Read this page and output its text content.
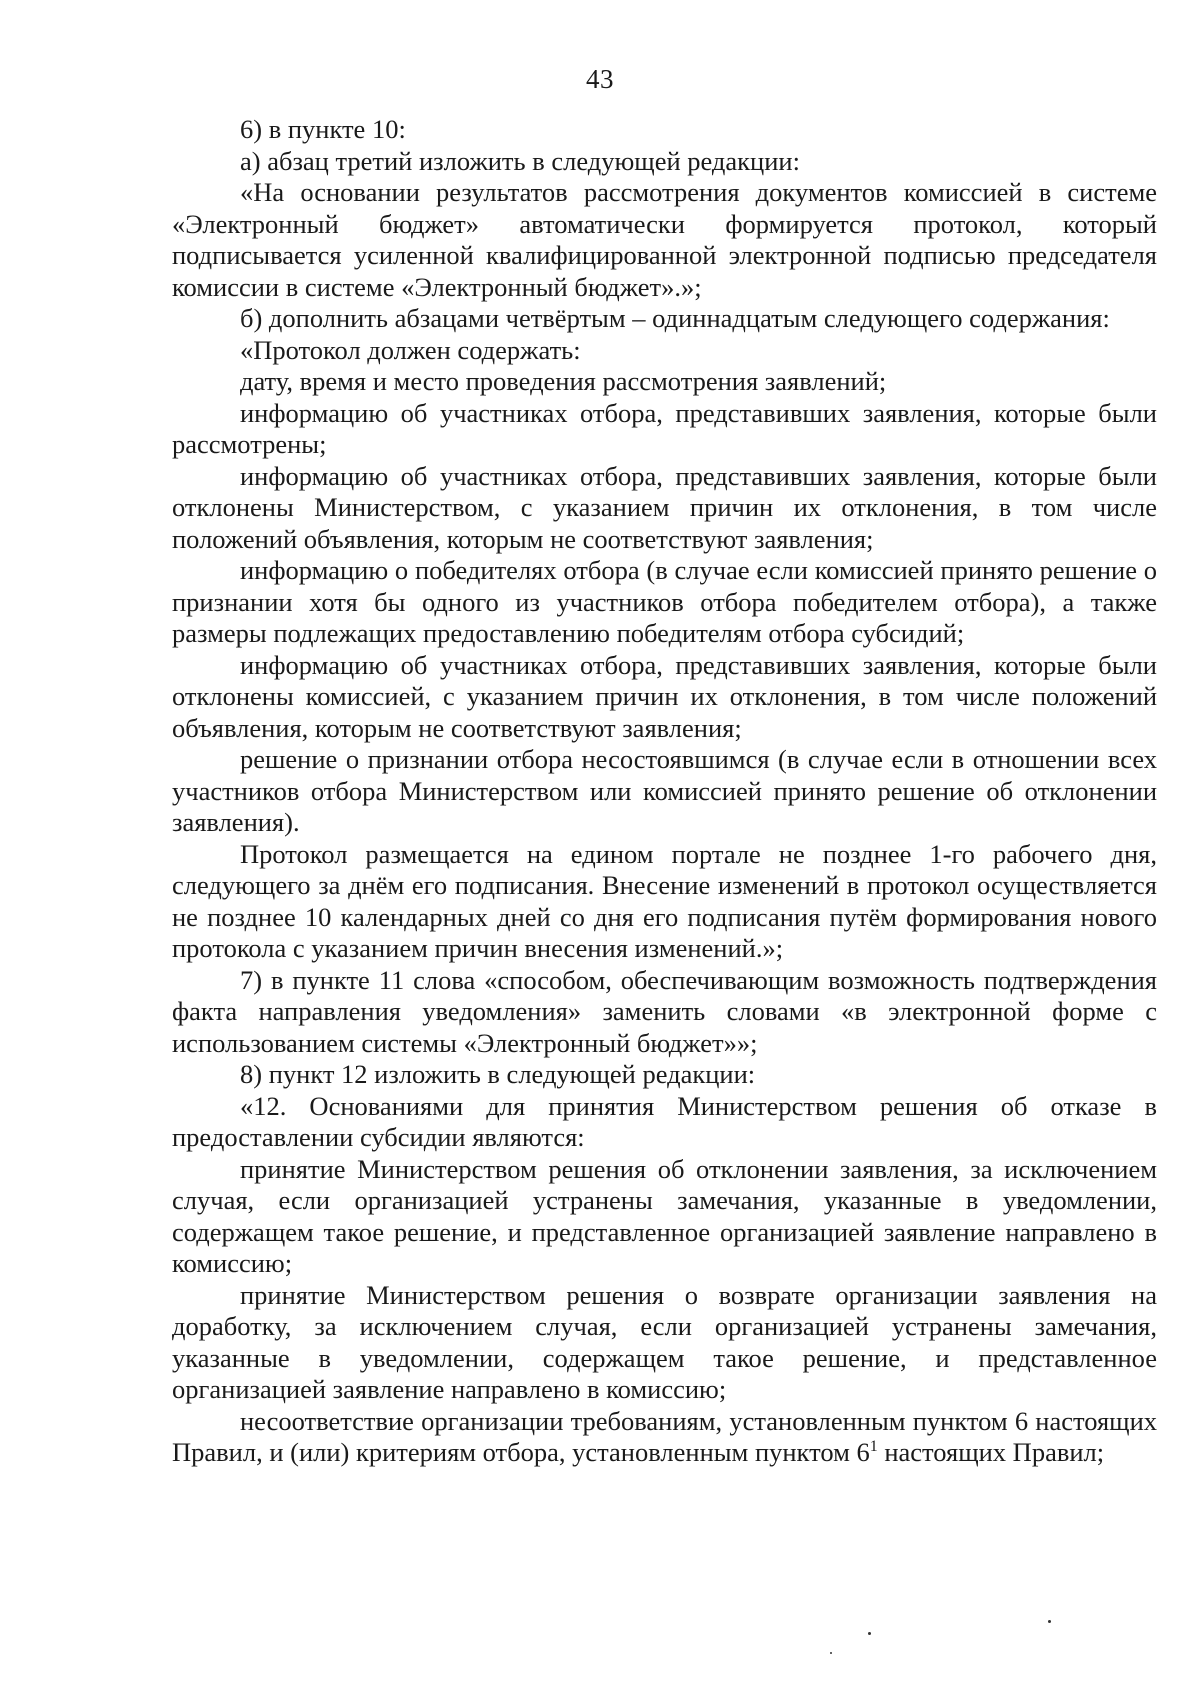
43

6) в пункте 10:

а) абзац третий изложить в следующей редакции:

«На основании результатов рассмотрения документов комиссией в системе «Электронный бюджет» автоматически формируется протокол, который подписывается усиленной квалифицированной электронной подписью председателя комиссии в системе «Электронный бюджет».»;

б) дополнить абзацами четвёртым – одиннадцатым следующего содержания:

«Протокол должен содержать:

дату, время и место проведения рассмотрения заявлений;

информацию об участниках отбора, представивших заявления, которые были рассмотрены;

информацию об участниках отбора, представивших заявления, которые были отклонены Министерством, с указанием причин их отклонения, в том числе положений объявления, которым не соответствуют заявления;

информацию о победителях отбора (в случае если комиссией принято решение о признании хотя бы одного из участников отбора победителем отбора), а также размеры подлежащих предоставлению победителям отбора субсидий;

информацию об участниках отбора, представивших заявления, которые были отклонены комиссией, с указанием причин их отклонения, в том числе положений объявления, которым не соответствуют заявления;

решение о признании отбора несостоявшимся (в случае если в отношении всех участников отбора Министерством или комиссией принято решение об отклонении заявления).

Протокол размещается на едином портале не позднее 1-го рабочего дня, следующего за днём его подписания. Внесение изменений в протокол осуществляется не позднее 10 календарных дней со дня его подписания путём формирования нового протокола с указанием причин внесения изменений.»;

7) в пункте 11 слова «способом, обеспечивающим возможность подтверждения факта направления уведомления» заменить словами «в электронной форме с использованием системы «Электронный бюджет»»;

8) пункт 12 изложить в следующей редакции:

«12. Основаниями для принятия Министерством решения об отказе в предоставлении субсидии являются:

принятие Министерством решения об отклонении заявления, за исключением случая, если организацией устранены замечания, указанные в уведомлении, содержащем такое решение, и представленное организацией заявление направлено в комиссию;

принятие Министерством решения о возврате организации заявления на доработку, за исключением случая, если организацией устранены замечания, указанные в уведомлении, содержащем такое решение, и представленное организацией заявление направлено в комиссию;

несоответствие организации требованиям, установленным пунктом 6 настоящих Правил, и (или) критериям отбора, установленным пунктом $6^1$ настоящих Правил;
